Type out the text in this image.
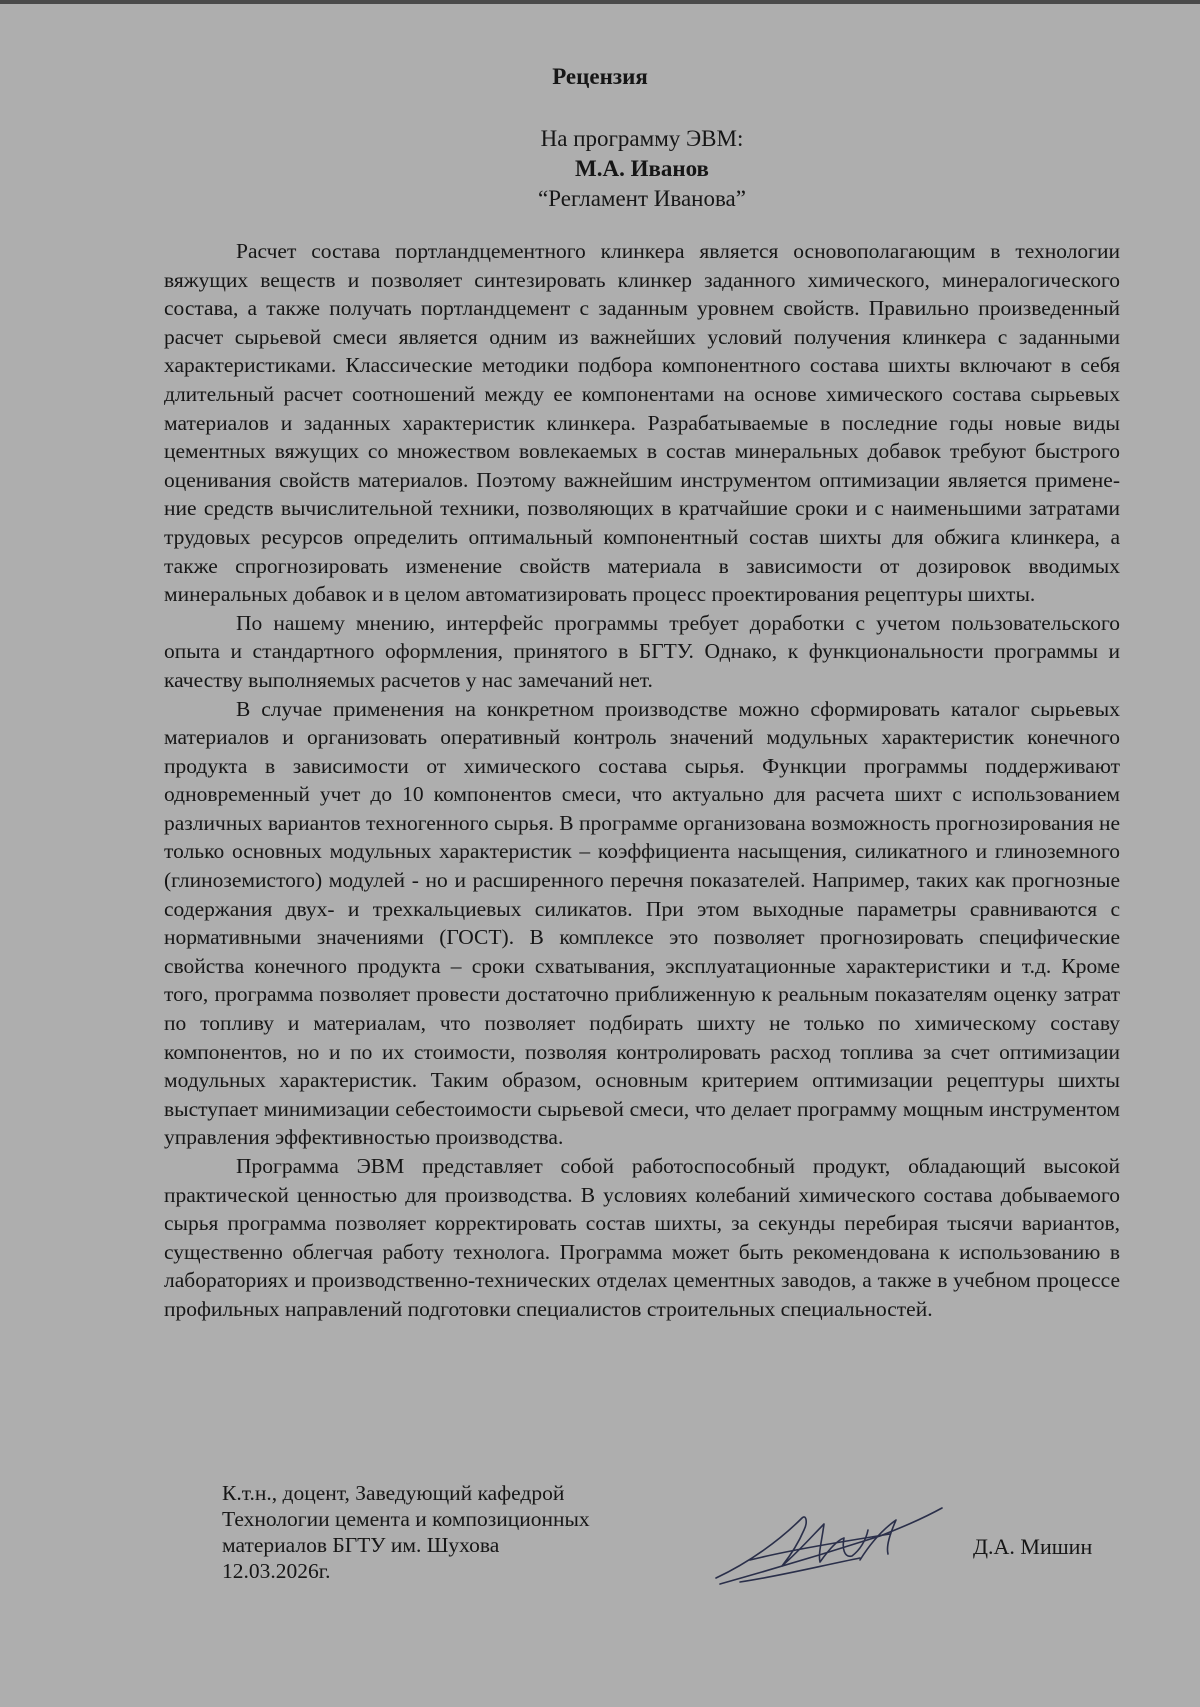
Рецензия
На программу ЭВМ:
М.А. Иванов
“Регламент Иванова”

Расчет состава портландцементного клинкера является основополагающим в технологии вяжущих веществ и позволяет синтезировать клинкер заданного химического, минералогического состава, а также получать портландцемент с заданным уровнем свойств. Правильно произведенный расчет сырьевой смеси является одним из важнейших условий получения клинкера с заданными характеристиками. Классические методики подбора компонентного состава шихты включают в себя длительный расчет соотношений между ее компонентами на основе химического состава сырьевых материалов и заданных характеристик клинкера. Разрабатываемые в последние годы новые виды цементных вяжущих со множеством вовлекаемых в состав минеральных добавок требуют быстрого оценивания свойств материалов. Поэтому важнейшим инструментом оптимизации является применение средств вычислительной техники, позволяющих в кратчайшие сроки и с наименьшими затратами трудовых ресурсов определить оптимальный компонентный состав шихты для обжига клинкера, а также спрогнозировать изменение свойств материала в зависимости от дозировок вводимых минеральных добавок и в целом автоматизировать процесс проектирования рецептуры шихты.

По нашему мнению, интерфейс программы требует доработки с учетом пользовательского опыта и стандартного оформления, принятого в БГТУ. Однако, к функциональности программы и качеству выполняемых расчетов у нас замечаний нет.

В случае применения на конкретном производстве можно сформировать каталог сырьевых материалов и организовать оперативный контроль значений модульных характеристик конечного продукта в зависимости от химического состава сырья. Функции программы поддерживают одновременный учет до 10 компонентов смеси, что актуально для расчета шихт с использованием различных вариантов техногенного сырья. В программе организована возможность прогнозирования не только основных модульных характеристик – коэффициента насыщения, силикатного и глиноземного (глиноземистого) модулей - но и расширенного перечня показателей. Например, таких как прогнозные содержания двух- и трехкальциевых силикатов. При этом выходные параметры сравниваются с нормативными значениями (ГОСТ). В комплексе это позволяет прогнозировать специфические свойства конечного продукта – сроки схватывания, эксплуатационные характеристики и т.д. Кроме того, программа позволяет провести достаточно приближенную к реальным показателям оценку затрат по топливу и материалам, что позволяет подбирать шихту не только по химическому составу компонентов, но и по их стоимости, позволяя контролировать расход топлива за счет оптимизации модульных характеристик. Таким образом, основным критерием оптимизации рецептуры шихты выступает минимизации себестоимости сырьевой смеси, что делает программу мощным инструментом управления эффективностью производства.

Программа ЭВМ представляет собой работоспособный продукт, обладающий высокой практической ценностью для производства. В условиях колебаний химического состава добываемого сырья программа позволяет корректировать состав шихты, за секунды перебирая тысячи вариантов, существенно облегчая работу технолога. Программа может быть рекомендована к использованию в лабораториях и производственно-технических отделах цементных заводов, а также в учебном процессе профильных направлений подготовки специалистов строительных специальностей.

К.т.н., доцент, Заведующий кафедрой
Технологии цемента и композиционных
материалов БГТУ им. Шухова
12.03.2026г.
Д.А. Мишин
